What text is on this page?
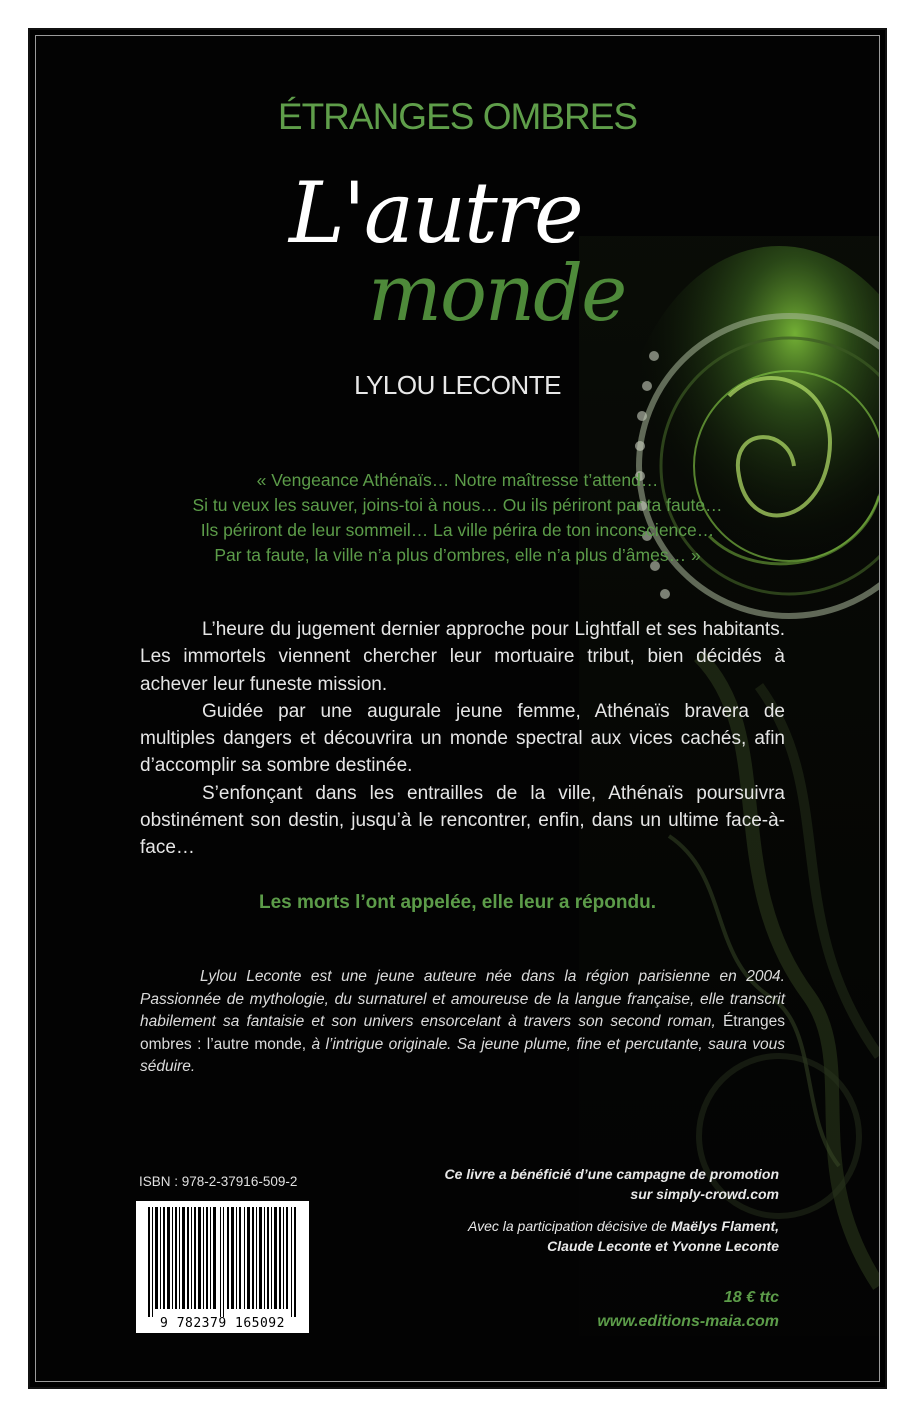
ÉTRANGES OMBRES
L'autre
monde
LYLOU LECONTE
« Vengeance Athénaïs… Notre maîtresse t’attend…
Si tu veux les sauver, joins-toi à nous… Ou ils périront par ta faute…
Ils périront de leur sommeil… La ville périra de ton inconscience…
Par ta faute, la ville n’a plus d’ombres, elle n’a plus d’âmes… »

L’heure du jugement dernier approche pour Lightfall et ses habitants. Les immortels viennent chercher leur mortuaire tribut, bien décidés à achever leur funeste mission.

Guidée par une augurale jeune femme, Athénaïs bravera de multiples dangers et découvrira un monde spectral aux vices cachés, afin d’accomplir sa sombre destinée.

S’enfonçant dans les entrailles de la ville, Athénaïs poursuivra obstinément son destin, jusqu’à le rencontrer, enfin, dans un ultime face-à-face…

Les morts l’ont appelée, elle leur a répondu.
Lylou Leconte est une jeune auteure née dans la région parisienne en 2004. Passionnée de mythologie, du surnaturel et amoureuse de la langue française, elle transcrit habilement sa fantaisie et son univers ensorcelant à travers son second roman, Étranges ombres : l’autre monde, à l’intrigue originale. Sa jeune plume, fine et percutante, saura vous séduire.
ISBN : 978-2-37916-509-2
9 782379 165092
Ce livre a bénéficié d’une campagne de promotion
sur simply-crowd.com
Avec la participation décisive de Maëlys Flament,
Claude Leconte et Yvonne Leconte
18 € ttc
www.editions-maia.com
